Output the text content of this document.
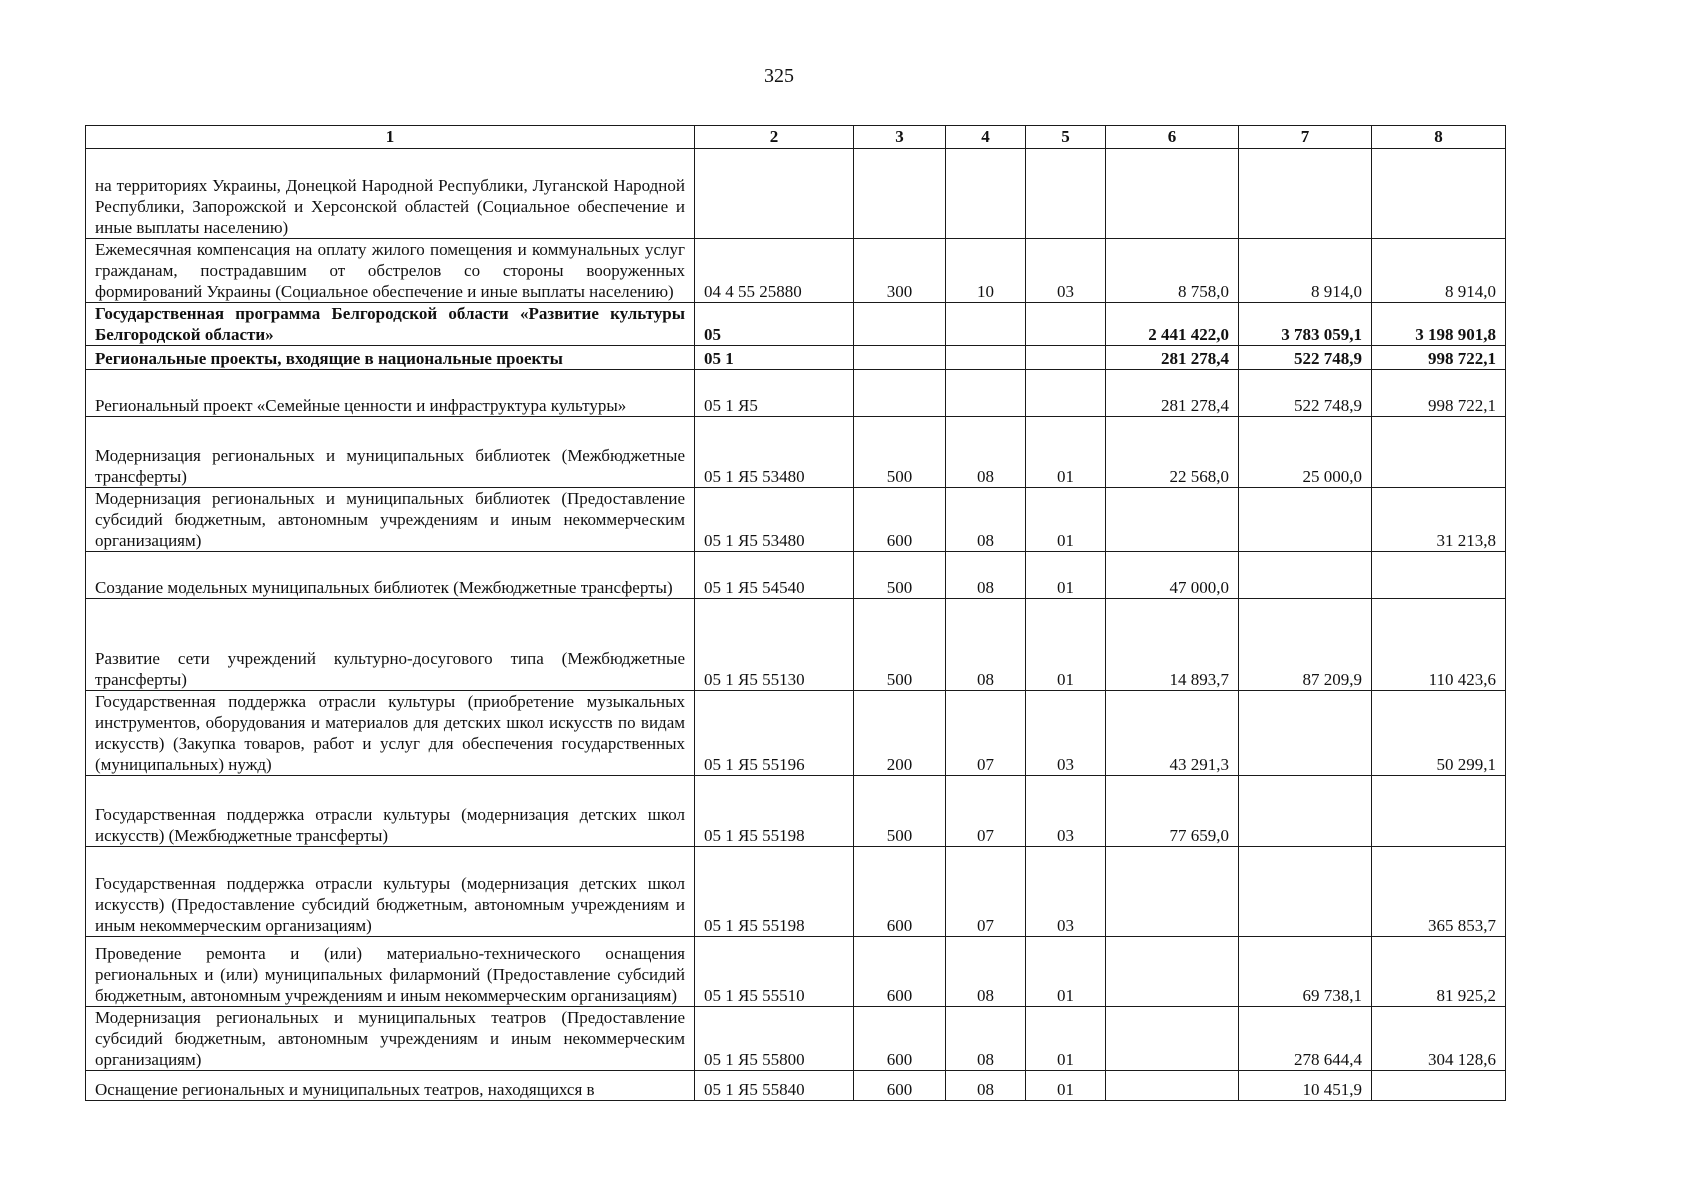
325
1	2	3	4	5	6	7	8
на территориях Украины, Донецкой Народной Республики, Луганской Народной Республики, Запорожской и Херсонской областей (Социальное обеспечение и иные выплаты населению)							
Ежемесячная компенсация на оплату жилого помещения и коммунальных услуг гражданам, пострадавшим от обстрелов со стороны вооруженных формирований Украины (Социальное обеспечение и иные выплаты населению)	04 4 55 25880	300	10	03	8 758,0	8 914,0	8 914,0
Государственная программа Белгородской области «Развитие культуры Белгородской области»	05				2 441 422,0	3 783 059,1	3 198 901,8
Региональные проекты, входящие в национальные проекты	05 1				281 278,4	522 748,9	998 722,1
Региональный проект «Семейные ценности и инфраструктура культуры»	05 1 Я5				281 278,4	522 748,9	998 722,1
Модернизация региональных и муниципальных библиотек (Межбюджетные трансферты)	05 1 Я5 53480	500	08	01	22 568,0	25 000,0	
Модернизация региональных и муниципальных библиотек (Предоставление субсидий бюджетным, автономным учреждениям и иным некоммерческим организациям)	05 1 Я5 53480	600	08	01			31 213,8
Создание модельных муниципальных библиотек (Межбюджетные трансферты)	05 1 Я5 54540	500	08	01	47 000,0		
Развитие сети учреждений культурно-досугового типа (Межбюджетные трансферты)	05 1 Я5 55130	500	08	01	14 893,7	87 209,9	110 423,6
Государственная поддержка отрасли культуры (приобретение музыкальных инструментов, оборудования и материалов для детских школ искусств по видам искусств) (Закупка товаров, работ и услуг для обеспечения государственных (муниципальных) нужд)	05 1 Я5 55196	200	07	03	43 291,3		50 299,1
Государственная поддержка отрасли культуры (модернизация детских школ искусств) (Межбюджетные трансферты)	05 1 Я5 55198	500	07	03	77 659,0		
Государственная поддержка отрасли культуры (модернизация детских школ искусств) (Предоставление субсидий бюджетным, автономным учреждениям и иным некоммерческим организациям)	05 1 Я5 55198	600	07	03			365 853,7
Проведение ремонта и (или) материально-технического оснащения региональных и (или) муниципальных филармоний (Предоставление субсидий бюджетным, автономным учреждениям и иным некоммерческим организациям)	05 1 Я5 55510	600	08	01		69 738,1	81 925,2
Модернизация региональных и муниципальных театров (Предоставление субсидий бюджетным, автономным учреждениям и иным некоммерческим организациям)	05 1 Я5 55800	600	08	01		278 644,4	304 128,6
Оснащение региональных и муниципальных театров, находящихся в	05 1 Я5 55840	600	08	01		10 451,9	
